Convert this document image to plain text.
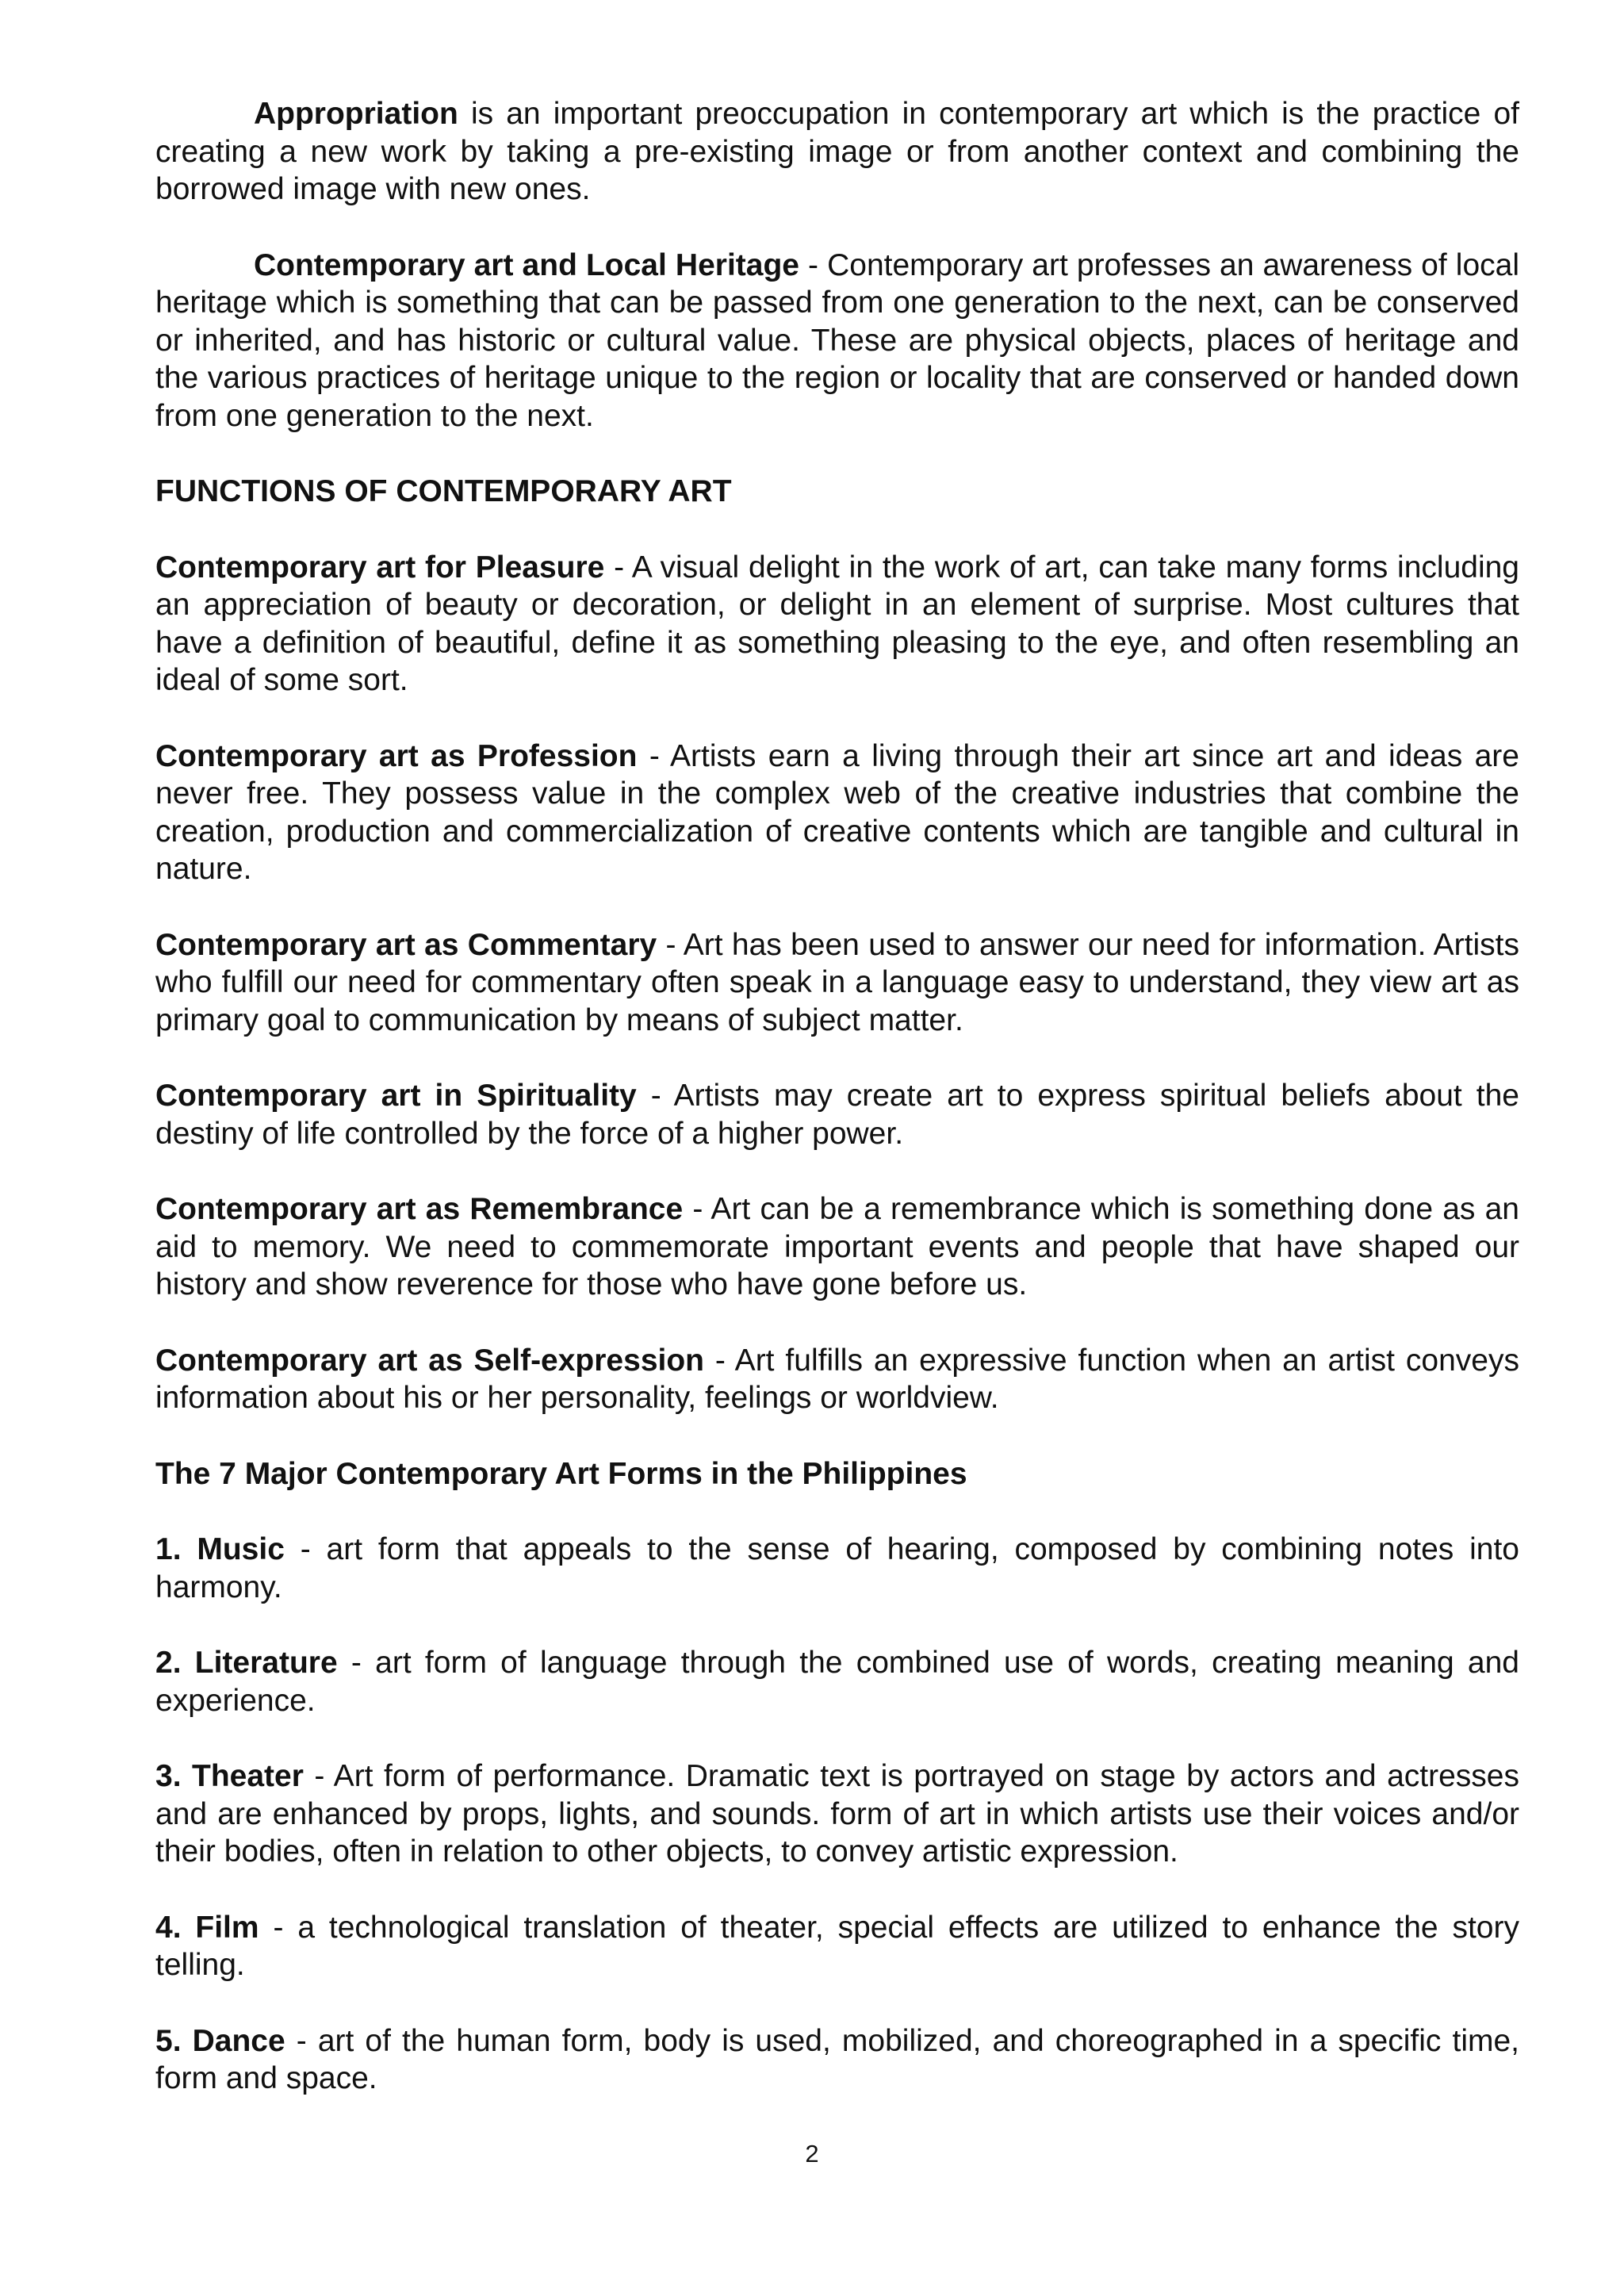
Appropriation is an important preoccupation in contemporary art which is the practice of creating a new work by taking a pre-existing image or from another context and combining the borrowed image with new ones.

Contemporary art and Local Heritage - Contemporary art professes an awareness of local heritage which is something that can be passed from one generation to the next, can be conserved or inherited, and has historic or cultural value. These are physical objects, places of heritage and the various practices of heritage unique to the region or locality that are conserved or handed down from one generation to the next.

FUNCTIONS OF CONTEMPORARY ART

Contemporary art for Pleasure - A visual delight in the work of art, can take many forms including an appreciation of beauty or decoration, or delight in an element of surprise. Most cultures that have a definition of beautiful, define it as something pleasing to the eye, and often resembling an ideal of some sort.

Contemporary art as Profession - Artists earn a living through their art since art and ideas are never free. They possess value in the complex web of the creative industries that combine the creation, production and commercialization of creative contents which are tangible and cultural in nature.

Contemporary art as Commentary - Art has been used to answer our need for information. Artists who fulfill our need for commentary often speak in a language easy to understand, they view art as primary goal to communication by means of subject matter.

Contemporary art in Spirituality - Artists may create art to express spiritual beliefs about the destiny of life controlled by the force of a higher power.

Contemporary art as Remembrance - Art can be a remembrance which is something done as an aid to memory. We need to commemorate important events and people that have shaped our history and show reverence for those who have gone before us.

Contemporary art as Self-expression - Art fulfills an expressive function when an artist conveys information about his or her personality, feelings or worldview.

The 7 Major Contemporary Art Forms in the Philippines

1. Music - art form that appeals to the sense of hearing, composed by combining notes into harmony.

2. Literature - art form of language through the combined use of words, creating meaning and experience.

3. Theater - Art form of performance. Dramatic text is portrayed on stage by actors and actresses and are enhanced by props, lights, and sounds. form of art in which artists use their voices and/or their bodies, often in relation to other objects, to convey artistic expression.

4. Film - a technological translation of theater, special effects are utilized to enhance the story telling.

5. Dance - art of the human form, body is used, mobilized, and choreographed in a specific time, form and space.

2
